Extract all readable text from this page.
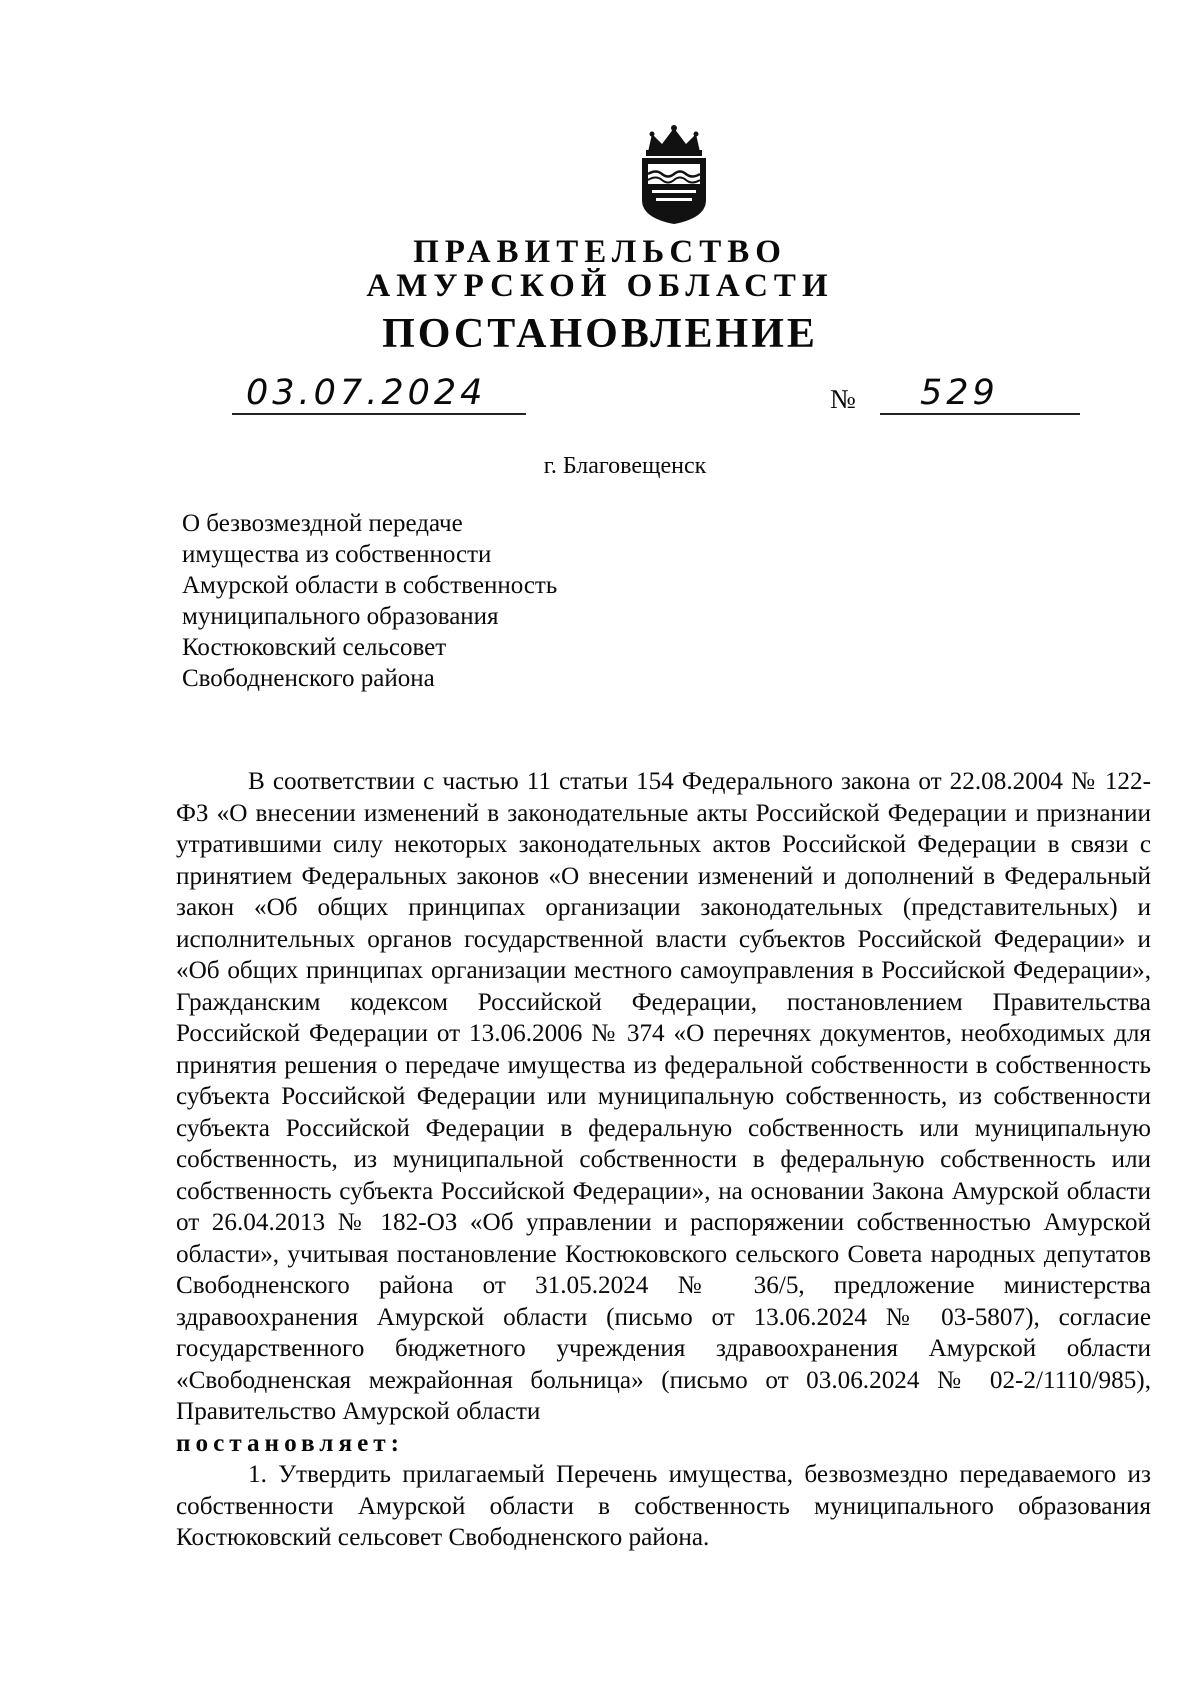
ПРАВИТЕЛЬСТВО
АМУРСКОЙ ОБЛАСТИ
ПОСТАНОВЛЕНИЕ
03.07.2024	№	529
г. Благовещенск
О безвозмездной передаче
имущества из собственности
Амурской области в собственность
муниципального образования
Костюковский сельсовет
Свободненского района

В соответствии с частью 11 статьи 154 Федерального закона от 22.08.2004 № 122-ФЗ «О внесении изменений в законодательные акты Российской Федерации и признании утратившими силу некоторых законодательных актов Российской Федерации в связи с принятием Федеральных законов «О внесении изменений и дополнений в Федеральный закон «Об общих принципах организации законодательных (представительных) и исполнительных органов государственной власти субъектов Российской Федерации» и «Об общих принципах организации местного самоуправления в Российской Федерации», Гражданским кодексом Российской Федерации, постановлением Правительства Российской Федерации от 13.06.2006 № 374 «О перечнях документов, необходимых для принятия решения о передаче имущества из федеральной собственности в собственность субъекта Российской Федерации или муниципальную собственность, из собственности субъекта Российской Федерации в федеральную собственность или муниципальную собственность, из муниципальной собственности в федеральную собственность или собственность субъекта Российской Федерации», на основании Закона Амурской области от 26.04.2013 № 182-ОЗ «Об управлении и распоряжении собственностью Амурской области», учитывая постановление Костюковского сельского Совета народных депутатов Свободненского района от 31.05.2024 № 36/5, предложение министерства здравоохранения Амурской области (письмо от 13.06.2024 № 03-5807), согласие государственного бюджетного учреждения здравоохранения Амурской области «Свободненская межрайонная больница» (письмо от 03.06.2024 № 02-2/1110/985), Правительство Амурской области

постановляет:

1. Утвердить прилагаемый Перечень имущества, безвозмездно передаваемого из собственности Амурской области в собственность муниципального образования Костюковский сельсовет Свободненского района.
